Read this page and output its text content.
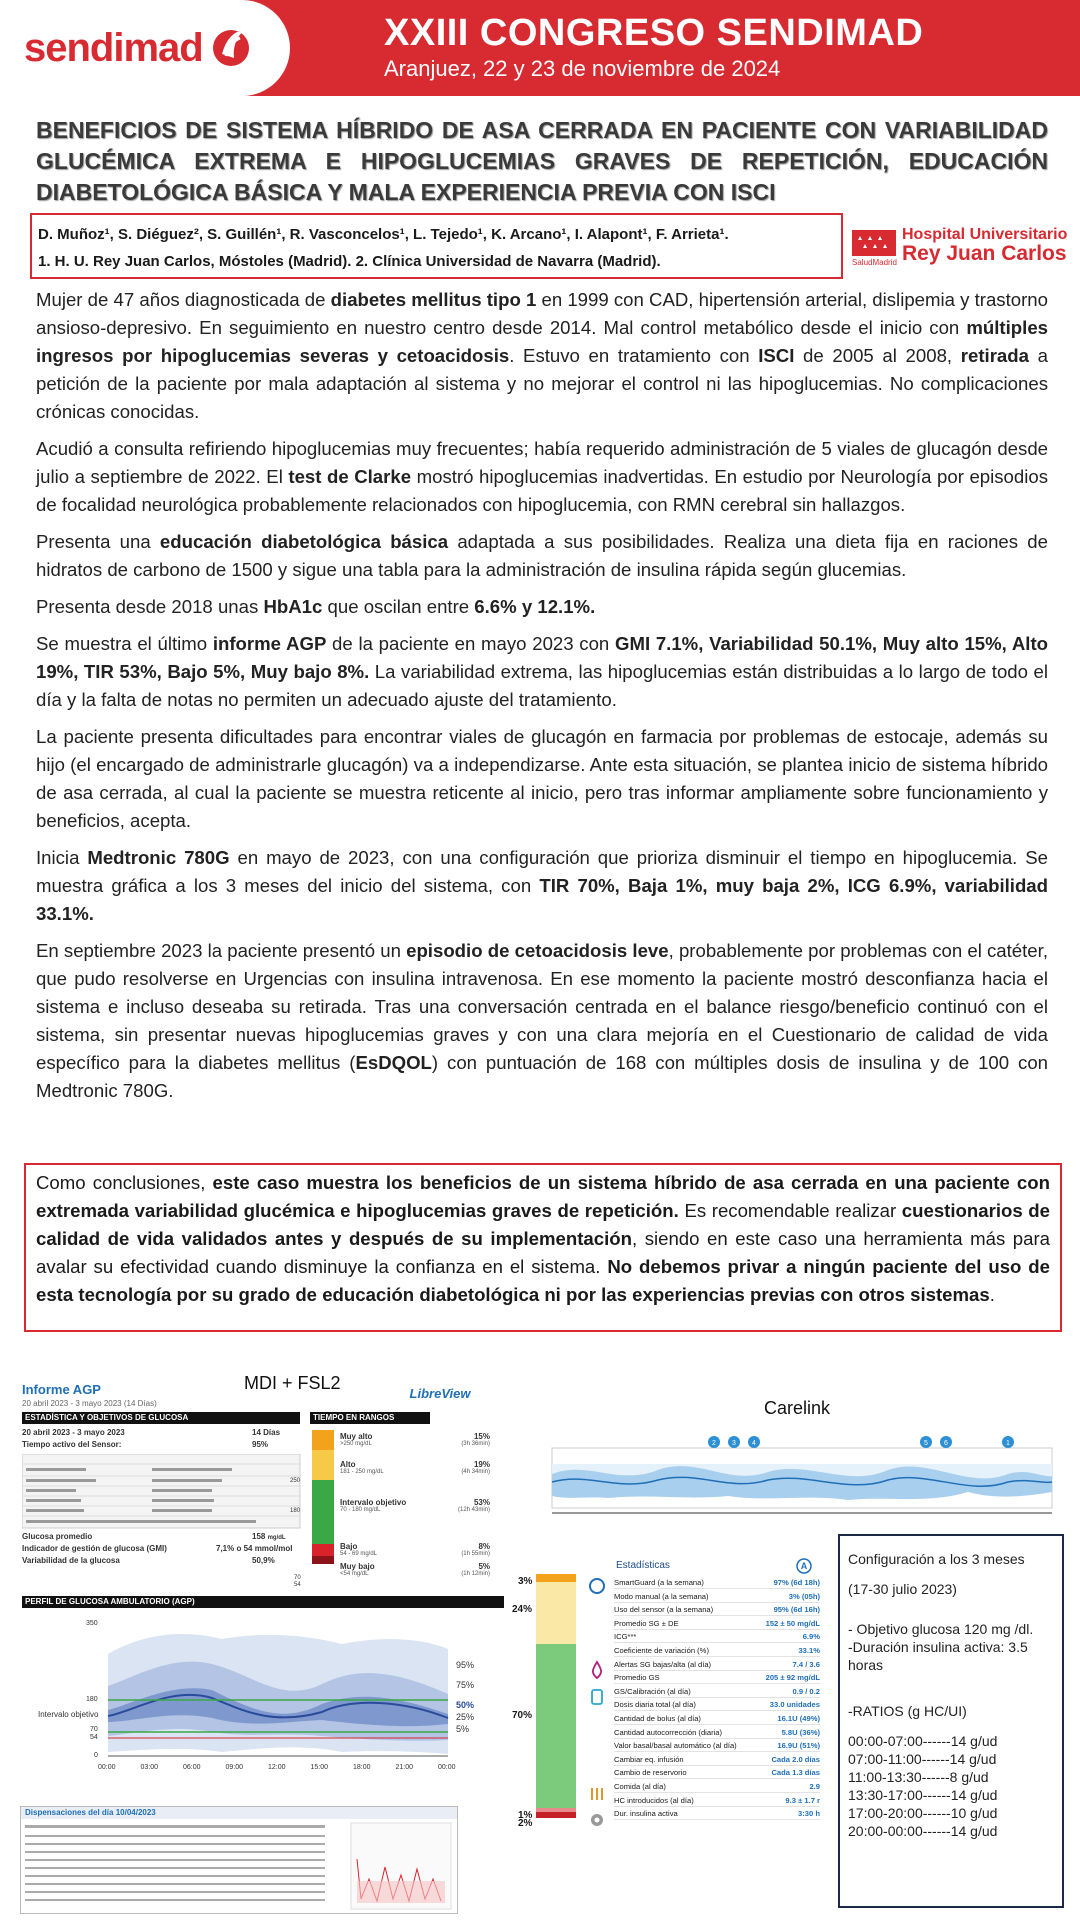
sendimad	XXIII CONGRESO SENDIMAD
Aranjuez, 22 y 23 de noviembre de 2024
BENEFICIOS DE SISTEMA HÍBRIDO DE ASA CERRADA EN PACIENTE CON VARIABILIDAD GLUCÉMICA EXTREMA E HIPOGLUCEMIAS GRAVES DE REPETICIÓN, EDUCACIÓN DIABETOLÓGICA BÁSICA Y MALA EXPERIENCIA PREVIA CON ISCI
D. Muñoz¹, S. Diéguez², S. Guillén¹, R. Vasconcelos¹, L. Tejedo¹, K. Arcano¹, I. Alapont¹, F. Arrieta¹.
1. H. U. Rey Juan Carlos, Móstoles (Madrid). 2. Clínica Universidad de Navarra (Madrid).
Hospital Universitario
Rey Juan Carlos
SaludMadrid

Mujer de 47 años diagnosticada de diabetes mellitus tipo 1 en 1999 con CAD, hipertensión arterial, dislipemia y trastorno ansioso-depresivo. En seguimiento en nuestro centro desde 2014. Mal control metabólico desde el inicio con múltiples ingresos por hipoglucemias severas y cetoacidosis. Estuvo en tratamiento con ISCI de 2005 al 2008, retirada a petición de la paciente por mala adaptación al sistema y no mejorar el control ni las hipoglucemias. No complicaciones crónicas conocidas.

Acudió a consulta refiriendo hipoglucemias muy frecuentes; había requerido administración de 5 viales de glucagón desde julio a septiembre de 2022. El test de Clarke mostró hipoglucemias inadvertidas. En estudio por Neurología por episodios de focalidad neurológica probablemente relacionados con hipoglucemia, con RMN cerebral sin hallazgos.

Presenta una educación diabetológica básica adaptada a sus posibilidades. Realiza una dieta fija en raciones de hidratos de carbono de 1500 y sigue una tabla para la administración de insulina rápida según glucemias.

Presenta desde 2018 unas HbA1c que oscilan entre 6.6% y 12.1%.

Se muestra el último informe AGP de la paciente en mayo 2023 con GMI 7.1%, Variabilidad 50.1%, Muy alto 15%, Alto 19%, TIR 53%, Bajo 5%, Muy bajo 8%. La variabilidad extrema, las hipoglucemias están distribuidas a lo largo de todo el día y la falta de notas no permiten un adecuado ajuste del tratamiento.

La paciente presenta dificultades para encontrar viales de glucagón en farmacia por problemas de estocaje, además su hijo (el encargado de administrarle glucagón) va a independizarse. Ante esta situación, se plantea inicio de sistema híbrido de asa cerrada, al cual la paciente se muestra reticente al inicio, pero tras informar ampliamente sobre funcionamiento y beneficios, acepta.

Inicia Medtronic 780G en mayo de 2023, con una configuración que prioriza disminuir el tiempo en hipoglucemia. Se muestra gráfica a los 3 meses del inicio del sistema, con TIR 70%, Baja 1%, muy baja 2%, ICG 6.9%, variabilidad 33.1%.

En septiembre 2023 la paciente presentó un episodio de cetoacidosis leve, probablemente por problemas con el catéter, que pudo resolverse en Urgencias con insulina intravenosa. En ese momento la paciente mostró desconfianza hacia el sistema e incluso deseaba su retirada. Tras una conversación centrada en el balance riesgo/beneficio continuó con el sistema, sin presentar nuevas hipoglucemias graves y con una clara mejoría en el Cuestionario de calidad de vida específico para la diabetes mellitus (EsDQOL) con puntuación de 168 con múltiples dosis de insulina y de 100 con Medtronic 780G.

Como conclusiones, este caso muestra los beneficios de un sistema híbrido de asa cerrada en una paciente con extremada variabilidad glucémica e hipoglucemias graves de repetición. Es recomendable realizar cuestionarios de calidad de vida validados antes y después de su implementación, siendo en este caso una herramienta más para avalar su efectividad cuando disminuye la confianza en el sistema. No debemos privar a ningún paciente del uso de esta tecnología por su grado de educación diabetológica ni por las experiencias previas con otros sistemas.
MDI + FSL2
Carelink
Informe AGP	LibreView
20 abril 2023 - 3 mayo 2023 (14 Días)
ESTADÍSTICA Y OBJETIVOS DE GLUCOSA	TIEMPO EN RANGOS
20 abril 2023 - 3 mayo 2023	14 Días
Tiempo activo del Sensor:	95%
Glucosa promedio	158 mg/dL
Indicador de gestión de glucosa (GMI)	7,1% o 54 mmol/mol
Variabilidad de la glucosa	50,9%
250
180
70
54
Muy alto
>250 mg/dL
15%
(3h 36min)
Alto
181 - 250 mg/dL
19%
(4h 34min)
Intervalo objetivo
70 - 180 mg/dL
53%
(12h 43min)
Bajo
54 - 69 mg/dL
8%
(1h 55min)
Muy bajo
<54 mg/dL
5%
(1h 12min)
PERFIL DE GLUCOSA AMBULATORIO (AGP)
350
180
70
54
0
Intervalo objetivo
95%
75%
50%
25%
5%
00:00	03:00	06:00	09:00	12:00	15:00	18:00	21:00	00:00
Dispensaciones del día 10/04/2023
2 3 4	5 6	1
3%
24%
70%
1%
2%
Estadísticas	A
SmartGuard (a la semana)	97% (6d 18h)
Modo manual (a la semana)	3% (05h)
Uso del sensor (a la semana)	95% (6d 16h)
Promedio SG ± DE	152 ± 50 mg/dL
ICG***	6.9%
Coeficiente de variación (%)	33.1%
Alertas SG bajas/alta (al día)	7.4 / 3.6
Promedio GS	205 ± 92 mg/dL
GS/Calibración (al día)	0.9 / 0.2
Dosis diaria total (al día)	33.0 unidades
Cantidad de bolus (al día)	16.1U (49%)
Cantidad autocorrección (diaria)	5.8U (36%)
Valor basal/basal automático (al día)	16.9U (51%)
Cambiar eq. infusión	Cada 2.0 días
Cambio de reservorio	Cada 1.3 días
Comida (al día)	2.9
HC introducidos (al día)	9.3 ± 1.7 r
Dur. insulina activa	3:30 h
Configuración a los 3 meses
(17-30 julio 2023)
- Objetivo glucosa 120 mg /dl.
-Duración insulina activa: 3.5 horas
-RATIOS (g HC/UI)
00:00-07:00------14 g/ud
07:00-11:00------14 g/ud
11:00-13:30------8 g/ud
13:30-17:00------14 g/ud
17:00-20:00------10 g/ud
20:00-00:00------14 g/ud
